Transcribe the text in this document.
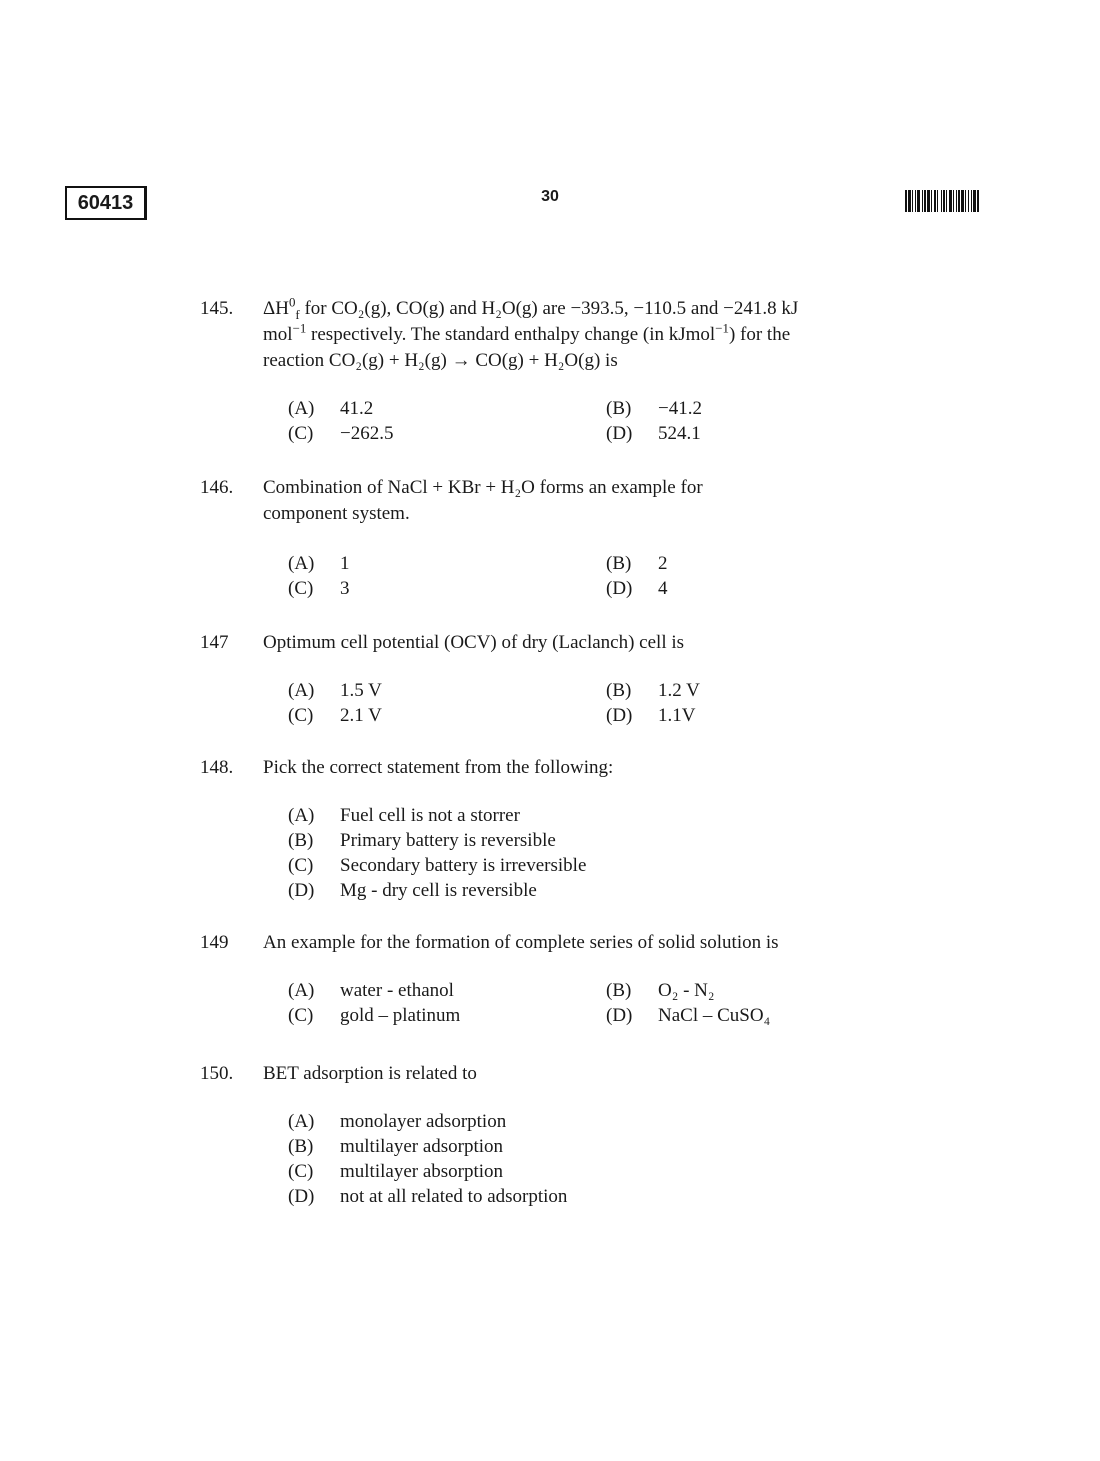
60413	30
145.	$\Delta H^0_f$ for CO₂(g), CO(g) and H₂O(g) are −393.5, −110.5 and −241.8 kJ
mol$^{-1}$ respectively. The standard enthalpy change (in kJmol$^{-1}$) for the
reaction CO₂(g) + H₂(g) → CO(g) + H₂O(g) is
(A)	41.2	(B)	−41.2
(C)	−262.5	(D)	524.1
146.	Combination of NaCl + KBr + H₂O forms an example for
component system.
(A)	1	(B)	2
(C)	3	(D)	4
147	Optimum cell potential (OCV) of dry (Laclanch) cell is
(A)	1.5 V	(B)	1.2 V
(C)	2.1 V	(D)	1.1V
148.	Pick the correct statement from the following:
(A)	Fuel cell is not a storrer
(B)	Primary battery is reversible
(C)	Secondary battery is irreversible
(D)	Mg - dry cell is reversible
149	An example for the formation of complete series of solid solution is
(A)	water - ethanol	(B)	O₂ - N₂
(C)	gold – platinum	(D)	NaCl – CuSO₄
150.	BET adsorption is related to
(A)	monolayer adsorption
(B)	multilayer adsorption
(C)	multilayer absorption
(D)	not at all related to adsorption
